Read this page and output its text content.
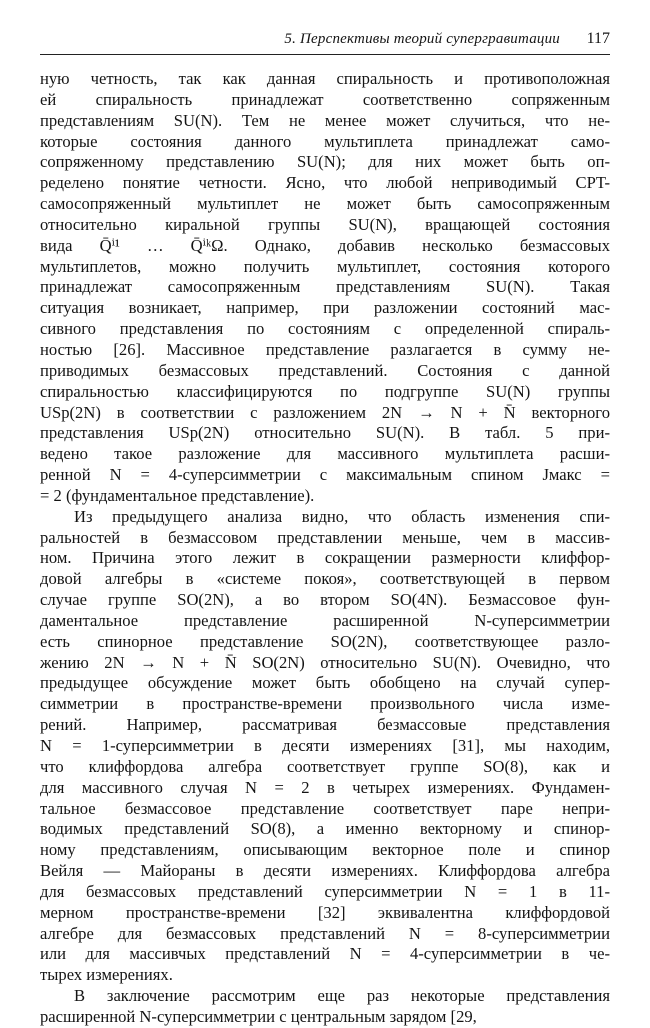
5. Перспективы теорий супергравитации 117
ную четность, так как данная спиральность и противоположная
ей спиральность принадлежат соответственно сопряженным
представлениям SU(N). Тем не менее может случиться, что не-
которые состояния данного мультиплета принадлежат само-
сопряженному представлению SU(N); для них может быть оп-
ределено понятие четности. Ясно, что любой неприводимый CPT-
самосопряженный мультиплет не может быть самосопряженным
относительно киральной группы SU(N), вращающей состояния
вида Q̄ⁱ¹ … Q̄ⁱᵏΩ. Однако, добавив несколько безмассовых
мультиплетов, можно получить мультиплет, состояния которого
принадлежат самосопряженным представлениям SU(N). Такая
ситуация возникает, например, при разложении состояний мас-
сивного представления по состояниям с определенной спираль-
ностью [26]. Массивное представление разлагается в сумму не-
приводимых безмассовых представлений. Состояния с данной
спиральностью классифицируются по подгруппе SU(N) группы
USp(2N) в соответствии с разложением 2N → N + N̄ векторного
представления USp(2N) относительно SU(N). В табл. 5 при-
ведено такое разложение для массивного мультиплета расши-
ренной N = 4-суперсимметрии с максимальным спином Jмакс =
= 2 (фундаментальное представление).
Из предыдущего анализа видно, что область изменения спи-
ральностей в безмассовом представлении меньше, чем в массив-
ном. Причина этого лежит в сокращении размерности клиффор-
довой алгебры в «системе покоя», соответствующей в первом
случае группе SO(2N), а во втором SO(4N). Безмассовое фун-
даментальное представление расширенной N-суперсимметрии
есть спинорное представление SO(2N), соответствующее разло-
жению 2N → N + N̄ SO(2N) относительно SU(N). Очевидно, что
предыдущее обсуждение может быть обобщено на случай супер-
симметрии в пространстве-времени произвольного числа изме-
рений. Например, рассматривая безмассовые представления
N = 1-суперсимметрии в десяти измерениях [31], мы находим,
что клиффордова алгебра соответствует группе SO(8), как и
для массивного случая N = 2 в четырех измерениях. Фундамен-
тальное безмассовое представление соответствует паре непри-
водимых представлений SO(8), а именно векторному и спинор-
ному представлениям, описывающим векторное поле и спинор
Вейля — Майораны в десяти измерениях. Клиффордова алгебра
для безмассовых представлений суперсимметрии N = 1 в 11-
мерном пространстве-времени [32] эквивалентна клиффордовой
алгебре для безмассовых представлений N = 8-суперсимметрии
или для массивчых представлений N = 4-суперсимметрии в че-
тырех измерениях.
В заключение рассмотрим еще раз некоторые представления
расширенной N-суперсимметрии с центральным зарядом [29,
